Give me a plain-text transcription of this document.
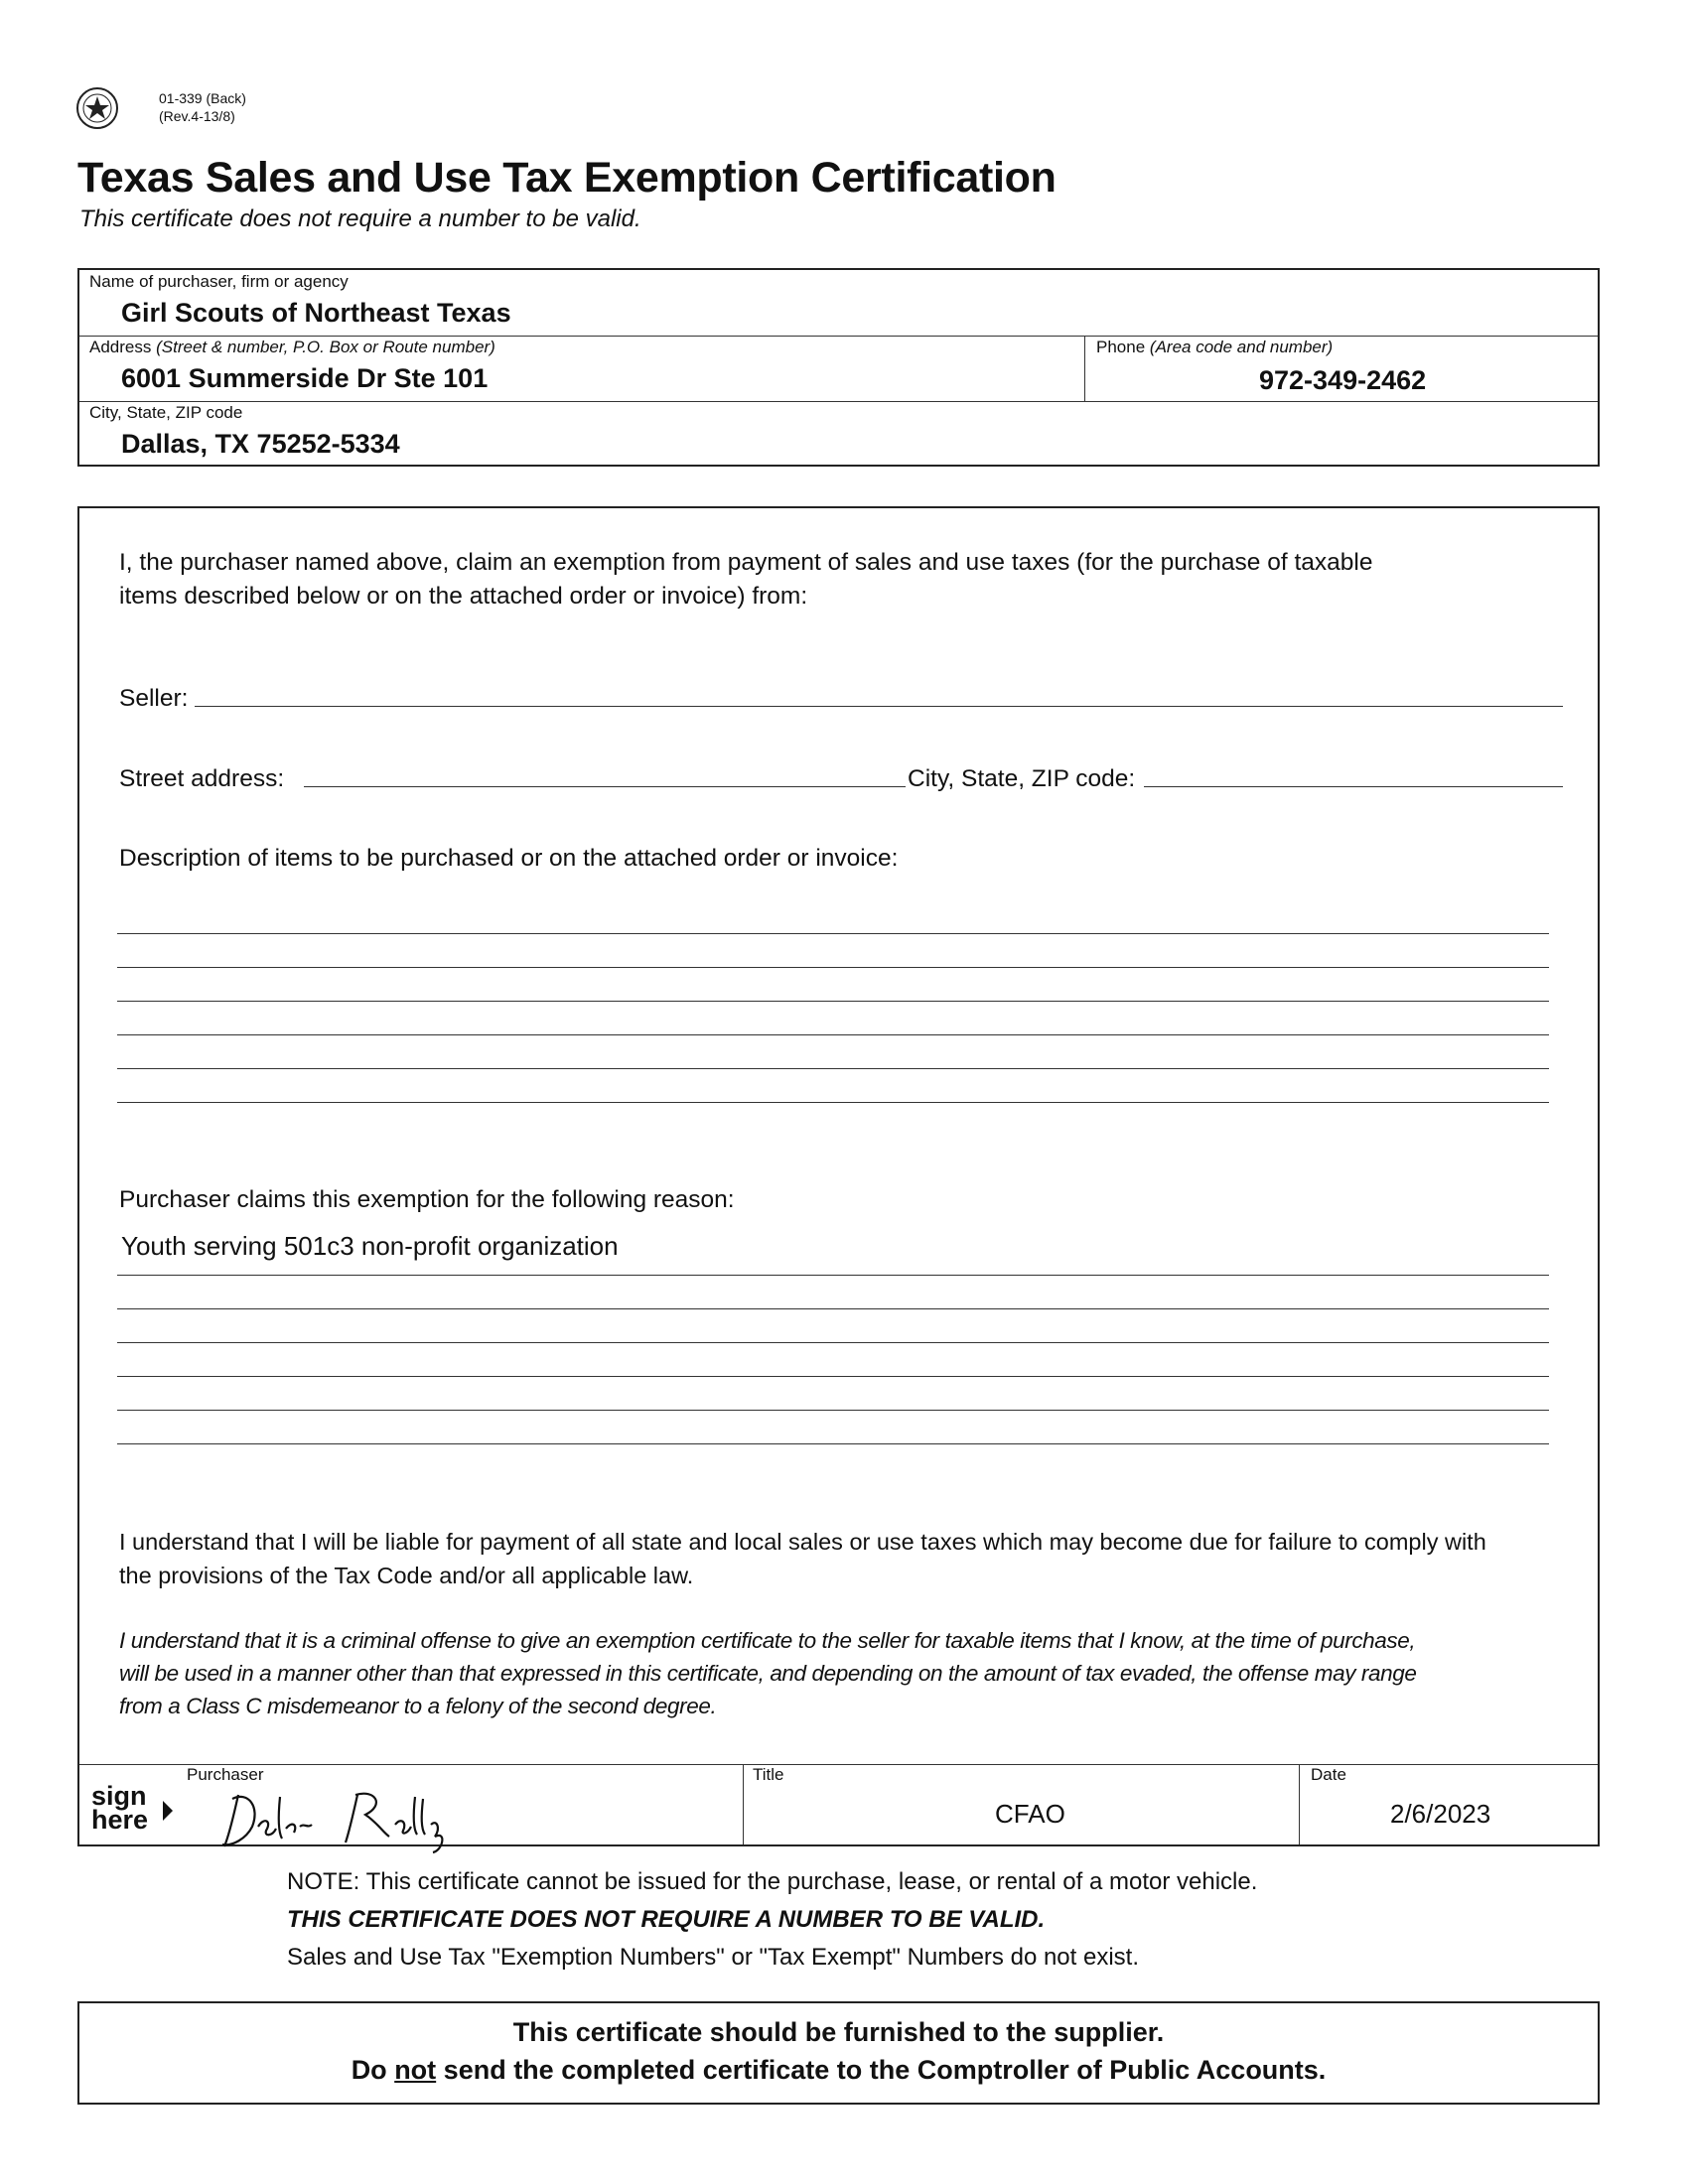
01-339 (Back)
(Rev.4-13/8)
Texas Sales and Use Tax Exemption Certification
This certificate does not require a number to be valid.
Name of purchaser, firm or agency
Girl Scouts of Northeast Texas
Address (Street & number, P.O. Box or Route number)
6001 Summerside Dr Ste 101
Phone (Area code and number)
972-349-2462
City, State, ZIP code
Dallas, TX 75252-5334
I, the purchaser named above, claim an exemption from payment of sales and use taxes (for the purchase of taxable
items described below or on the attached order or invoice) from:
Seller:
Street address:	City, State, ZIP code:
Description of items to be purchased or on the attached order or invoice:
Purchaser claims this exemption for the following reason:
Youth serving 501c3 non-profit organization
I understand that I will be liable for payment of all state and local sales or use taxes which may become due for failure to comply with
the provisions of the Tax Code and/or all applicable law.
I understand that it is a criminal offense to give an exemption certificate to the seller for taxable items that I know, at the time of purchase,
will be used in a manner other than that expressed in this certificate, and depending on the amount of tax evaded, the offense may range
from a Class C misdemeanor to a felony of the second degree.
sign
here
Purchaser	Title
CFAO
Date
2/6/2023
NOTE: This certificate cannot be issued for the purchase, lease, or rental of a motor vehicle.
THIS CERTIFICATE DOES NOT REQUIRE A NUMBER TO BE VALID.
Sales and Use Tax "Exemption Numbers" or "Tax Exempt" Numbers do not exist.
This certificate should be furnished to the supplier.
Do not send the completed certificate to the Comptroller of Public Accounts.
